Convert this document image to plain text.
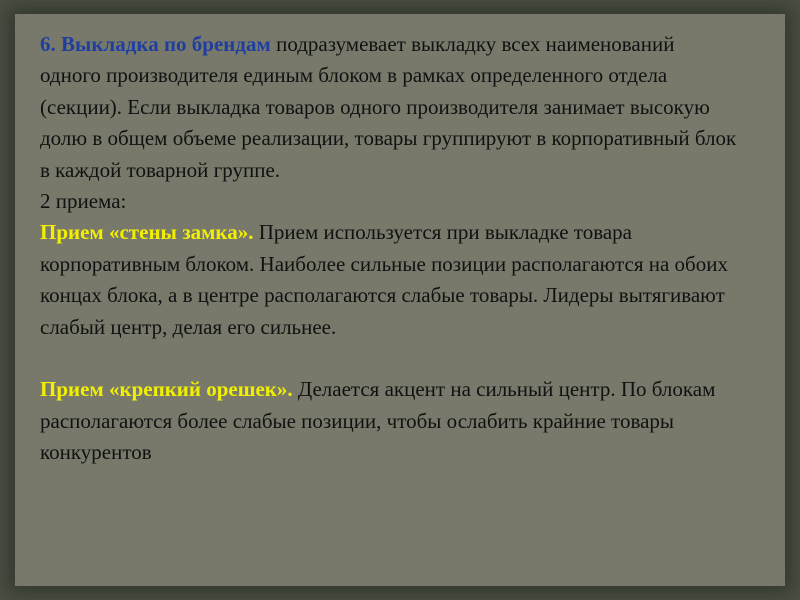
6. Выкладка по брендам подразумевает выкладку всех наименований одного производителя единым блоком в рамках определенного отдела (секции). Если выкладка товаров одного производителя занимает высокую долю в общем объеме реализации, товары группируют в корпоративный блок в каждой товарной группе.

2 приема:

Прием «стены замка». Прием используется при выкладке товара корпоративным блоком. Наиболее сильные позиции располагаются на обоих концах блока, а в центре располагаются слабые товары. Лидеры вытягивают слабый центр, делая его сильнее.

Прием «крепкий орешек». Делается акцент на сильный центр. По блокам располагаются более слабые позиции, чтобы ослабить крайние товары конкурентов
